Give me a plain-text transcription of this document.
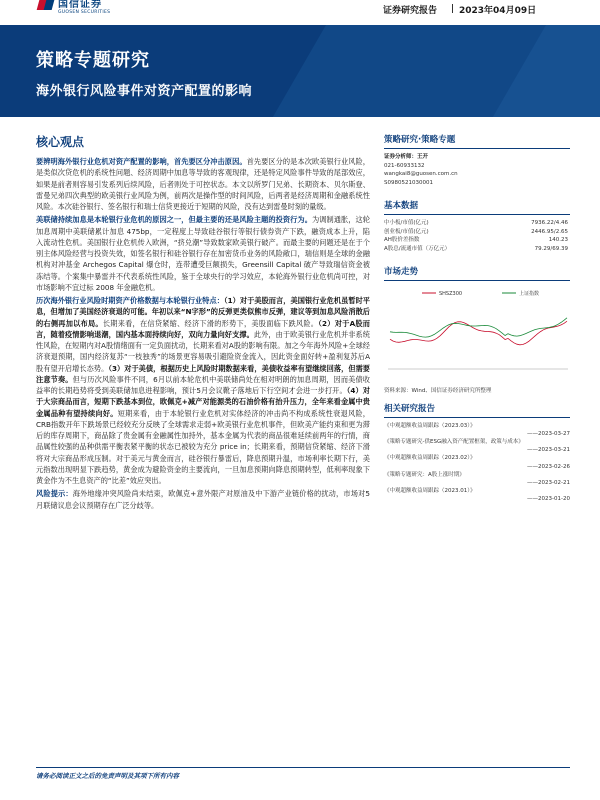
国信证券
GUOSEN SECURITIES	证券研究报告 2023年04月09日
策略专题研究
海外银行风险事件对资产配置的影响
核心观点

要辨明海外银行业危机对资产配置的影响，首先要区分冲击原因。首先要区分的是本次欧美银行业风险，是类似次贷危机的系统性问题、经济周期中加息等导致的客观现律，还是特定风险事件导致的尾部效应，如果是前者则容易引发系列后续风险，后者则处于可控状态。本文以所罗门兄弟、长期资本、贝尔斯登、雷曼兄弟四次典型的欧美银行业风险为例，前两次是操作型的时间风险，后两者是经济周期和金融系统性风险。本次硅谷银行、签名银行和瑞士信贷更接近于短期的风险，没有达到雷曼时刻的量级。

美联储持续加息是本轮银行业危机的原因之一，但最主要的还是风险主题的投资行为。为调制通胀，这轮加息周期中美联储累计加息 475bp，一定程度上导致硅谷银行等银行债券资产下跌，融资成本上升，陷入流动性危机。美国银行业危机传入欧洲，“挤兑潮”导致数家欧美银行破产。而最主要的问题还是在于个别主体风险经营与投资失效，如签名银行和硅谷银行存在加密货币业务的风险敞口，瑞信则是全球的金融机构对冲基金 Archegos Capital 爆仓时，连带遭受巨额损失，Greensill Capital 破产导致瑞信资金被冻结等。个案集中暴雷并不代表系统性风险，鉴于全球央行的学习效应，本轮海外银行业危机尚可控，对市场影响不宜过标 2008 年金融危机。

历次海外银行业风险时期资产价格数据与本轮银行业特点：（1）对于美股而言，美国银行业危机虽暂时平息，但增加了美国经济衰退的可能。年初以来“N字形”的反弹更类似熊市反弹，建议等到加息风险消散后的右侧再加以布局。长期来看，在信贷紧缩、经济下滑的形势下，美股面临下跌风险。（2）对于A股而言，随着疫情影响退潮，国内基本面持续向好，双向力量向好支撑。此外，由于欧美银行业危机并非系统性风险，在短期内对A股情绪面有一定负面扰动，长期来看对A股的影响有限。加之今年海外风险+全球经济衰退预期，国内经济复苏“一枝独秀”的场景更容易吸引避险资金流入，因此资金面好转+盈利复苏后A股有望开启增长态势。（3）对于美债，根据历史上风险时期数据来看，美债收益率有望继续回落，但需要注意节奏。但与历次风险事件不同，6月以前本轮危机中美联储尚处在相对明朗的加息周期，因而美债收益率的长期趋势将受到美联储加息进程影响，预计5月会议靴子落地后下行空间才会进一步打开。（4）对于大宗商品而言，短期下跌基本到位，欧佩克+减产对能源类的石油价格有抬升压力，全年来看金属中贵金属品种有望持续向好。短期来看，由于本轮银行业危机对实体经济的冲击尚不构成系统性衰退风险，CRB指数开年下跌场景已经较充分反映了全球需求走弱+欧美银行业危机事件，但欧美产能约束和更为滞后的库存周期下，商品除了贵金属有金融属性加持外，基本金属为代表的商品很难延续前两年的行情，商品属性较强的品种供需平衡表紧平衡的状态已被较为充分 price in；长期来看，预期信贷紧缩、经济下滑将对大宗商品形成压制。对于美元与黄金而言，硅谷银行暴雷后，降息预期升温，市场利率长期下行，美元指数出现明显下跌趋势，黄金成为避险资金的主要流向，一旦加息预期向降息预期转型，低利率现象下黄金作为不生息资产的“比差”效应突出。

风险提示：海外地缘冲突风险尚未结束，欧佩克+意外限产对原油及中下游产业链价格的扰动，市场对5月联储议息会议预期存在广泛分歧等。

策略研究·策略专题
证券分析师：王开
021-60933132
wangkai8@guosen.com.cn
S0980521030001
基本数据
中小板/市值(亿元)	7936.22/4.46
创业板/市值(亿元)	2446.95/2.65
AH股价差指数	140.23
A股总/流通市值（万亿元）	79.29/69.39
市场走势
SHSZ300	上证指数
资料来源：Wind、国信证券经济研究所整理
相关研究报告
《中观超额收益周跟踪（2023.03）》
——2023-03-27
《策略专题研究-供ESG融入资产配置框架，政策与成本》
——2023-03-21
《中观超额收益周跟踪（2023.02）》
——2023-02-26
《策略专题研究：A股上涨时期》
——2023-02-21
《中观超额收益周跟踪（2023.01）》
——2023-01-20
请务必阅读正文之后的免责声明及其项下所有内容
